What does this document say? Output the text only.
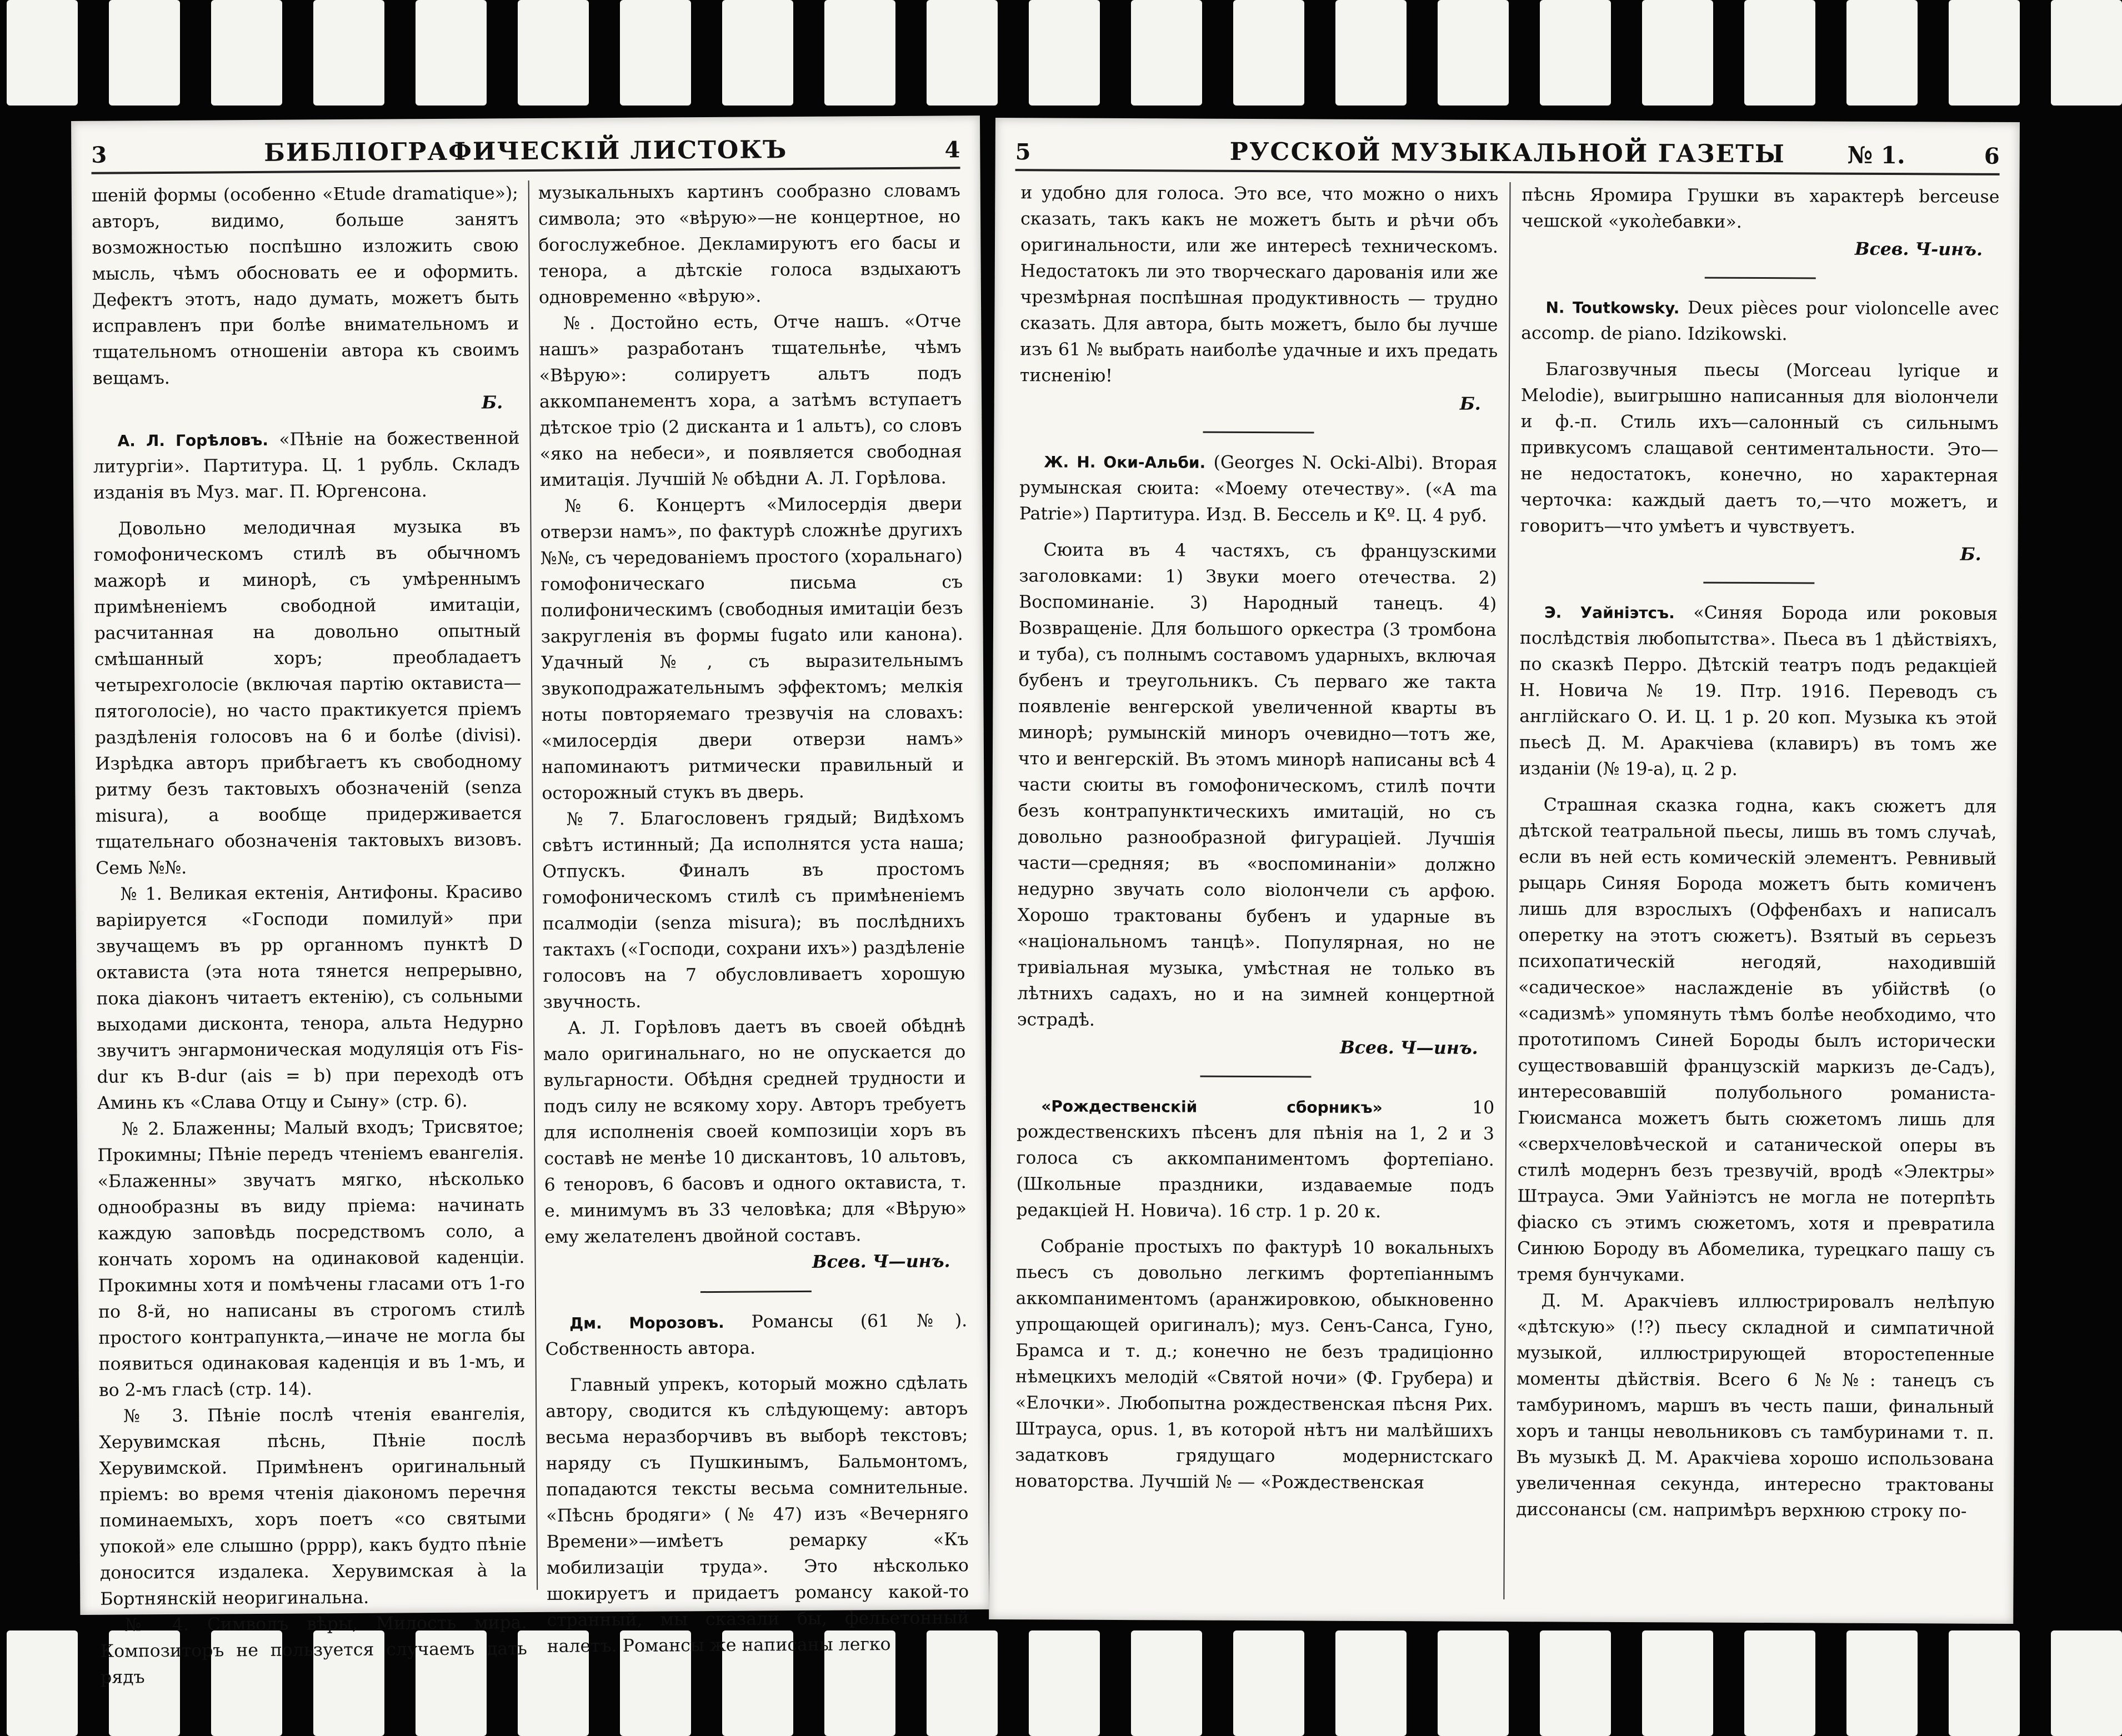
3	БИБЛІОГРАФИЧЕСКІЙ ЛИСТОКЪ	4

шеній формы (особенно «Etude dramatique»); авторъ, видимо, больше занятъ возможностью поспѣшно изложить свою мысль, чѣмъ обосновать ее и оформить. Дефектъ этотъ, надо думать, можетъ быть исправленъ при болѣе внимательномъ и тщательномъ отношеніи автора къ своимъ вещамъ.

Б.

А. Л. Горѣловъ. «Пѣніе на божественной литургіи». Партитура. Ц. 1 рубль. Складъ изданія въ Муз. маг. П. Юргенсона.

Довольно мелодичная музыка въ гомофоническомъ стилѣ въ обычномъ мажорѣ и минорѣ, съ умѣреннымъ примѣненіемъ свободной имитаціи, расчитанная на довольно опытный смѣшанный хоръ; преобладаетъ четырехголосіе (включая партію октависта—пятоголосіе), но часто практикуется пріемъ раздѣленія голосовъ на 6 и болѣе (divisi). Изрѣдка авторъ прибѣгаетъ къ свободному ритму безъ тактовыхъ обозначеній (senza misura), а вообще придерживается тщательнаго обозначенія тактовыхъ визовъ. Семь №№.

№ 1. Великая ектенія, Антифоны. Красиво варіируется «Господи помилуй» при звучащемъ въ pp органномъ пунктѣ D октависта (эта нота тянется непрерывно, пока діаконъ читаетъ ектенію), съ сольными выходами дисконта, тенора, альта Недурно звучитъ энгармоническая модуляція отъ Fis-dur къ B-dur (ais = b) при переходѣ отъ Аминь къ «Слава Отцу и Сыну» (стр. 6).

№ 2. Блаженны; Малый входъ; Трисвятое; Прокимны; Пѣніе передъ чтеніемъ евангелія. «Блаженны» звучатъ мягко, нѣсколько однообразны въ виду пріема: начинать каждую заповѣдь посредствомъ соло, а кончать хоромъ на одинаковой каденціи. Прокимны хотя и помѣчены гласами отъ 1-го по 8-й, но написаны въ строгомъ стилѣ простого контрапункта,—иначе не могла бы появиться одинаковая каденція и въ 1-мъ, и во 2-мъ гласѣ (стр. 14).

№ 3. Пѣніе послѣ чтенія евангелія, Херувимская пѣснь, Пѣніе послѣ Херувимской. Примѣненъ оригинальный пріемъ: во время чтенія діакономъ перечня поминаемыхъ, хоръ поетъ «со святыми упокой» еле слышно (pppp), какъ будто пѣніе доносится издалека. Херувимская à la Бортнянскій неоригинальна.

№ 4. Символъ вѣры, Милость мира. Композиторъ не пользуется случаемъ дать рядъ

музыкальныхъ картинъ сообразно словамъ символа; это «вѣрую»—не концертное, но богослужебное. Декламируютъ его басы и тенора, а дѣтскіе голоса вздыхаютъ одновременно «вѣрую».

№. Достойно есть, Отче нашъ. «Отче нашъ» разработанъ тщательнѣе, чѣмъ «Вѣрую»: солируетъ альтъ подъ аккомпанементъ хора, а затѣмъ вступаетъ дѣтское тріо (2 дисканта и 1 альтъ), со словъ «яко на небеси», и появляется свободная имитація. Лучшій № обѣдни А. Л. Горѣлова.

№ 6. Концертъ «Милосердія двери отверзи намъ», по фактурѣ сложнѣе другихъ №№, съ чередованіемъ простого (хоральнаго) гомофоническаго письма съ полифоническимъ (свободныя имитаціи безъ закругленія въ формы fugato или канона). Удачный №, съ выразительнымъ звукоподражательнымъ эффектомъ; мелкія ноты повторяемаго трезвучія на словахъ: «милосердія двери отверзи намъ» напоминаютъ ритмически правильный и осторожный стукъ въ дверь.

№ 7. Благословенъ грядый; Видѣхомъ свѣтъ истинный; Да исполнятся уста наша; Отпускъ. Финалъ въ простомъ гомофоническомъ стилѣ съ примѣненіемъ псалмодіи (senza misura); въ послѣднихъ тактахъ («Господи, сохрани ихъ») раздѣленіе голосовъ на 7 обусловливаетъ хорошую звучность.

А. Л. Горѣловъ даетъ въ своей обѣднѣ мало оригинальнаго, но не опускается до вульгарности. Обѣдня средней трудности и подъ силу не всякому хору. Авторъ требуетъ для исполненія своей композиціи хоръ въ составѣ не менѣе 10 дискантовъ, 10 альтовъ, 6 теноровъ, 6 басовъ и одного октависта, т. е. минимумъ въ 33 человѣка; для «Вѣрую» ему желателенъ двойной составъ.

Всев. Ч—инъ.

Дм. Морозовъ. Романсы (61 №). Собственность автора.

Главный упрекъ, который можно сдѣлать автору, сводится къ слѣдующему: авторъ весьма неразборчивъ въ выборѣ текстовъ; наряду съ Пушкинымъ, Бальмонтомъ, попадаются тексты весьма сомнительные. «Пѣснь бродяги» (№ 47) изъ «Вечерняго Времени»—имѣетъ ремарку «Къ мобилизаціи труда». Это нѣсколько шокируетъ и придаетъ романсу какой-то странный, мы сказали бы, фельетонный налетъ. Романсы же написаны легко

5	РУССКОЙ МУЗЫКАЛЬНОЙ ГАЗЕТЫ	№ 1.	6

и удобно для голоса. Это все, что можно о нихъ сказать, такъ какъ не можетъ быть и рѣчи объ оригинальности, или же интересѣ техническомъ. Недостатокъ ли это творческаго дарованія или же чрезмѣрная поспѣшная продуктивность — трудно сказать. Для автора, быть можетъ, было бы лучше изъ 61 № выбрать наиболѣе удачные и ихъ предать тисненію!

Б.

Ж. Н. Оки-Альби. (Georges N. Ocki-Albi). Вторая румынская сюита: «Моему отечеству». («A ma Patrie») Партитура. Изд. В. Бессель и Кº. Ц. 4 руб.

Сюита въ 4 частяхъ, съ французскими заголовками: 1) Звуки моего отечества. 2) Воспоминаніе. 3) Народный танецъ. 4) Возвращеніе. Для большого оркестра (3 тромбона и туба), съ полнымъ составомъ ударныхъ, включая бубенъ и треугольникъ. Съ перваго же такта появленіе венгерской увеличенной кварты въ минорѣ; румынскій миноръ очевидно—тотъ же, что и венгерскій. Въ этомъ минорѣ написаны всѣ 4 части сюиты въ гомофоническомъ, стилѣ почти безъ контрапунктическихъ имитацій, но съ довольно разнообразной фигураціей. Лучшія части—средняя; въ «воспоминаніи» должно недурно звучать соло віолончели съ арфою. Хорошо трактованы бубенъ и ударные въ «національномъ танцѣ». Популярная, но не тривіальная музыка, умѣстная не только въ лѣтнихъ садахъ, но и на зимней концертной эстрадѣ.

Всев. Ч—инъ.

«Рождественскій сборникъ»	10 рождественскихъ пѣсенъ для пѣнія на 1, 2 и 3 голоса съ аккомпаниментомъ фортепіано. (Школьные праздники, издаваемые подъ редакціей Н. Новича). 16 стр. 1 р. 20 к.

Собраніе простыхъ по фактурѣ 10 вокальныхъ пьесъ съ довольно легкимъ фортепіаннымъ аккомпаниментомъ (аранжировкою, обыкновенно упрощающей оригиналъ); муз. Сенъ-Санса, Гуно, Брамса и т. д.; конечно не безъ традиціонно нѣмецкихъ мелодій «Святой ночи» (Ф. Грубера) и «Елочки». Любопытна рождественская пѣсня Рих. Штрауса, opus. 1, въ которой нѣтъ ни малѣйшихъ задатковъ грядущаго модернистскаго новаторства. Лучшій № — «Рождественская

пѣснь Яромира Грушки въ характерѣ berceuse чешской «укол̀ебавки».

Всев. Ч-инъ.

N. Toutkowsky. Deux pièces pour violoncelle avec accomp. de piano. Idzikowski.

Благозвучныя пьесы (Morceau lyrique и Melodie), выигрышно написанныя для віолончели и ф.-п. Стиль ихъ—салонный съ сильнымъ привкусомъ слащавой сентиментальности. Это—не недостатокъ, конечно, но характерная черточка: каждый даетъ то,—что можетъ, и говоритъ—что умѣетъ и чувствуетъ.

Б.

Э. Уайніэтсъ. «Синяя Борода или роковыя послѣдствія любопытства». Пьеса въ 1 дѣйствіяхъ, по сказкѣ Перро. Дѣтскій театръ подъ редакціей Н. Новича № 19. Птр. 1916. Переводъ съ англійскаго О. И. Ц. 1 р. 20 коп. Музыка къ этой пьесѣ Д. М. Аракчіева (клавиръ) въ томъ же изданіи (№ 19-а), ц. 2 р.

Страшная сказка годна, какъ сюжетъ для дѣтской театральной пьесы, лишь въ томъ случаѣ, если въ ней есть комическій элементъ. Ревнивый рыцарь Синяя Борода можетъ быть комиченъ лишь для взрослыхъ (Оффенбахъ и написалъ оперетку на этотъ сюжетъ). Взятый въ серьезъ психопатическій негодяй, находившій «садическое» наслажденіе въ убійствѣ (о «садизмѣ» упомянуть тѣмъ болѣе необходимо, что прототипомъ Синей Бороды былъ исторически существовавшій французскій маркизъ де-Садъ), интересовавшій полубольного романиста-Гюисманса можетъ быть сюжетомъ лишь для «сверхчеловѣческой и сатанической оперы въ стилѣ модернъ безъ трезвучій, вродѣ «Электры» Штрауса. Эми Уайніэтсъ не могла не потерпѣть фіаско съ этимъ сюжетомъ, хотя и превратила Синюю Бороду въ Абомелика, турецкаго пашу съ тремя бунчуками.

Д. М. Аракчіевъ иллюстрировалъ нелѣпую «дѣтскую» (!?) пьесу складной и симпатичной музыкой, иллюстрирующей второстепенные моменты дѣйствія. Всего 6 №№: танецъ съ тамбуриномъ, маршъ въ честь паши, финальный хоръ и танцы невольниковъ съ тамбуринами т. п. Въ музыкѣ Д. М. Аракчіева хорошо использована увеличенная секунда, интересно трактованы диссонансы (см. напримѣръ верхнюю строку по-
